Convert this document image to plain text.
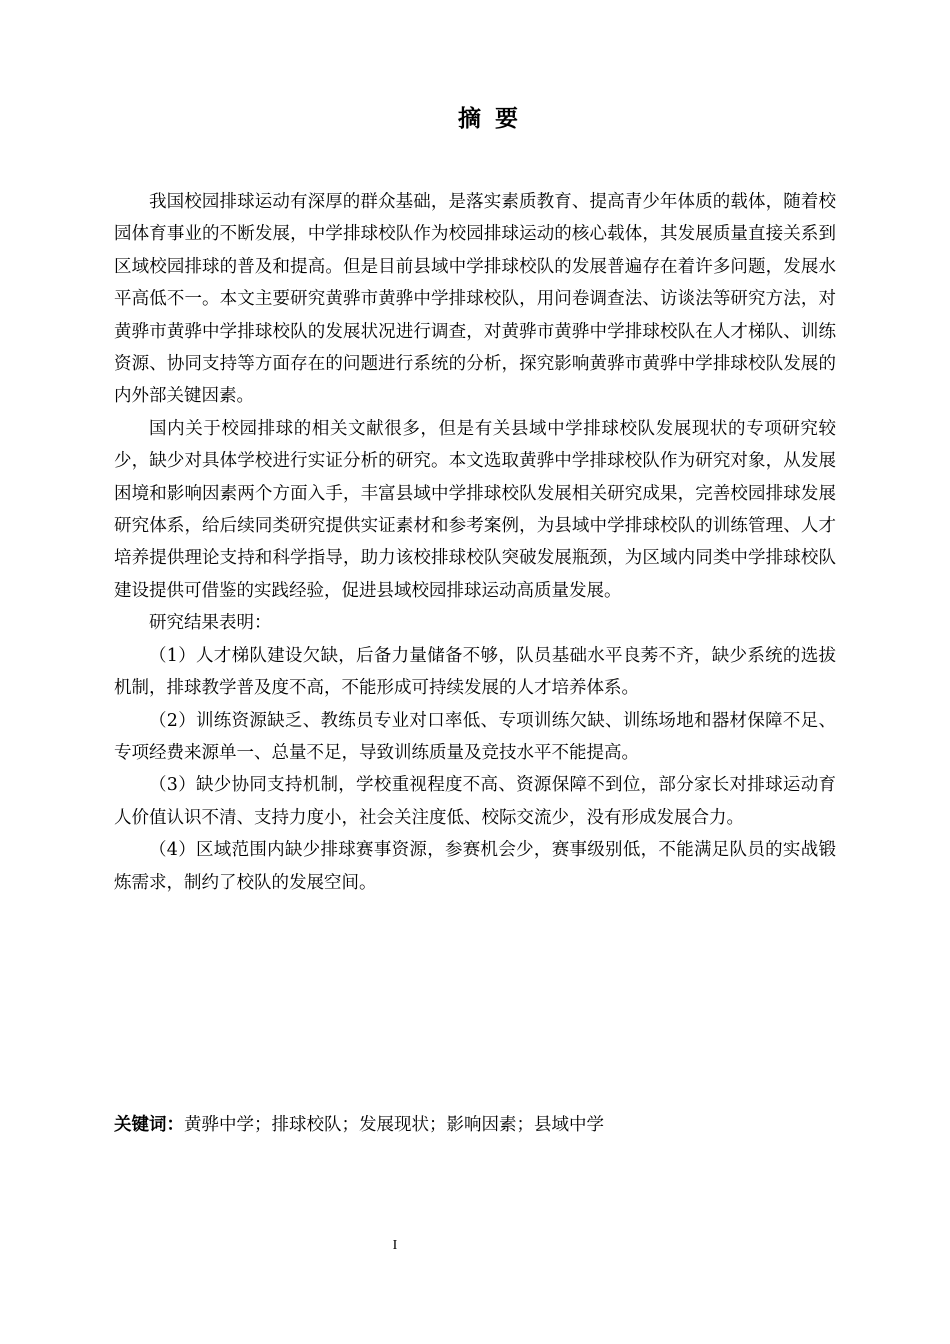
摘要

我国校园排球运动有深厚的群众基础，是落实素质教育、提高青少年体质的载体，随着校园体育事业的不断发展，中学排球校队作为校园排球运动的核心载体，其发展质量直接关系到区域校园排球的普及和提高。但是目前县域中学排球校队的发展普遍存在着许多问题，发展水平高低不一。本文主要研究黄骅市黄骅中学排球校队，用问卷调查法、访谈法等研究方法，对黄骅市黄骅中学排球校队的发展状况进行调查，对黄骅市黄骅中学排球校队在人才梯队、训练资源、协同支持等方面存在的问题进行系统的分析，探究影响黄骅市黄骅中学排球校队发展的内外部关键因素。

国内关于校园排球的相关文献很多，但是有关县域中学排球校队发展现状的专项研究较少，缺少对具体学校进行实证分析的研究。本文选取黄骅中学排球校队作为研究对象，从发展困境和影响因素两个方面入手，丰富县域中学排球校队发展相关研究成果，完善校园排球发展研究体系，给后续同类研究提供实证素材和参考案例，为县域中学排球校队的训练管理、人才培养提供理论支持和科学指导，助力该校排球校队突破发展瓶颈，为区域内同类中学排球校队建设提供可借鉴的实践经验，促进县域校园排球运动高质量发展。

研究结果表明：

（1）人才梯队建设欠缺，后备力量储备不够，队员基础水平良莠不齐，缺少系统的选拔机制，排球教学普及度不高，不能形成可持续发展的人才培养体系。

（2）训练资源缺乏、教练员专业对口率低、专项训练欠缺、训练场地和器材保障不足、专项经费来源单一、总量不足，导致训练质量及竞技水平不能提高。

（3）缺少协同支持机制，学校重视程度不高、资源保障不到位，部分家长对排球运动育人价值认识不清、支持力度小，社会关注度低、校际交流少，没有形成发展合力。

（4）区域范围内缺少排球赛事资源，参赛机会少，赛事级别低，不能满足队员的实战锻炼需求，制约了校队的发展空间。

关键词：黄骅中学；排球校队；发展现状；影响因素；县域中学
I
